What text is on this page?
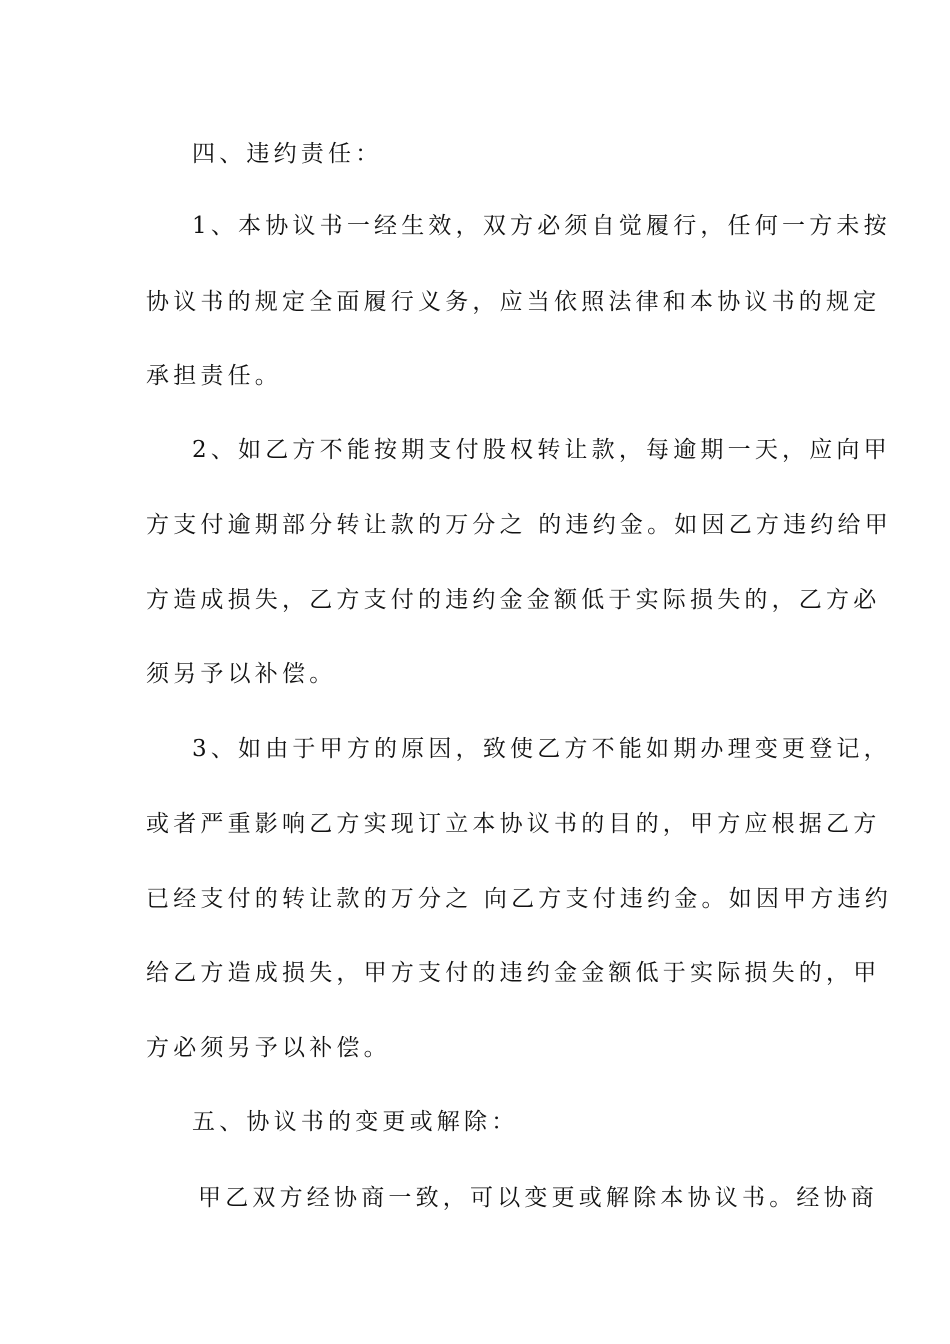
四、违约责任：
1、本协议书一经生效，双方必须自觉履行，任何一方未按
协议书的规定全面履行义务，应当依照法律和本协议书的规定
承担责任。
2、如乙方不能按期支付股权转让款，每逾期一天，应向甲
方支付逾期部分转让款的万分之 的违约金。如因乙方违约给甲
方造成损失，乙方支付的违约金金额低于实际损失的，乙方必
须另予以补偿。
3、如由于甲方的原因，致使乙方不能如期办理变更登记，
或者严重影响乙方实现订立本协议书的目的，甲方应根据乙方
已经支付的转让款的万分之 向乙方支付违约金。如因甲方违约
给乙方造成损失，甲方支付的违约金金额低于实际损失的，甲
方必须另予以补偿。
五、协议书的变更或解除：
甲乙双方经协商一致，可以变更或解除本协议书。经协商
